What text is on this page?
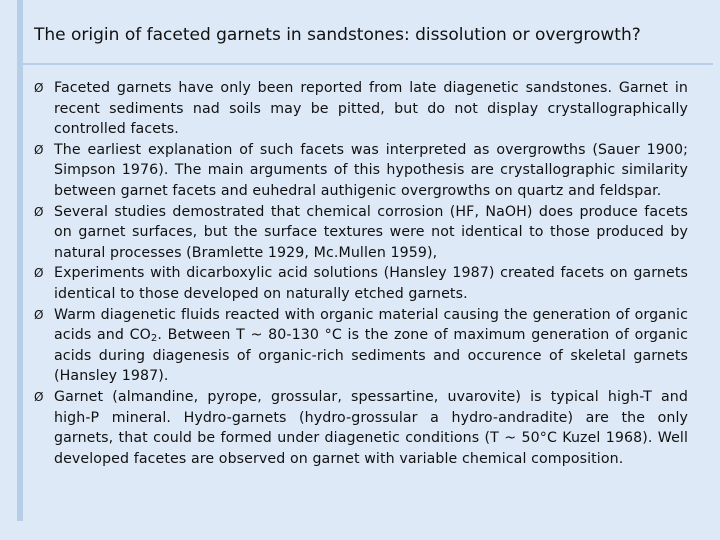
The origin of faceted garnets in sandstones: dissolution or overgrowth?
Ø Faceted garnets have only been reported from late diagenetic sandstones. Garnet in recent sediments nad soils may be pitted, but do not display crystallographically controlled facets.
Ø The earliest explanation of such facets was interpreted as overgrowths (Sauer 1900; Simpson 1976). The main arguments of this hypothesis are crystallographic similarity between garnet facets and euhedral authigenic overgrowths on quartz and feldspar.
Ø Several studies demostrated that chemical corrosion (HF, NaOH) does produce facets on garnet surfaces, but the surface textures were not identical to those produced by natural processes (Bramlette 1929, Mc.Mullen 1959),
Ø Experiments with dicarboxylic acid solutions (Hansley 1987) created facets on garnets identical to those developed on naturally etched garnets.
Ø Warm diagenetic fluids reacted with organic material causing the generation of organic acids and $CO_2$. Between T ~ 80-130 °C is the zone of maximum generation of organic acids during diagenesis of organic-rich sediments and occurence of skeletal garnets (Hansley 1987).
Ø Garnet (almandine, pyrope, grossular, spessartine, uvarovite) is typical high-T and high-P mineral. Hydro-garnets (hydro-grossular a hydro-andradite) are the only garnets, that could be formed under diagenetic conditions (T ~ 50°C Kuzel 1968). Well developed facetes are observed on garnet with variable chemical composition.
